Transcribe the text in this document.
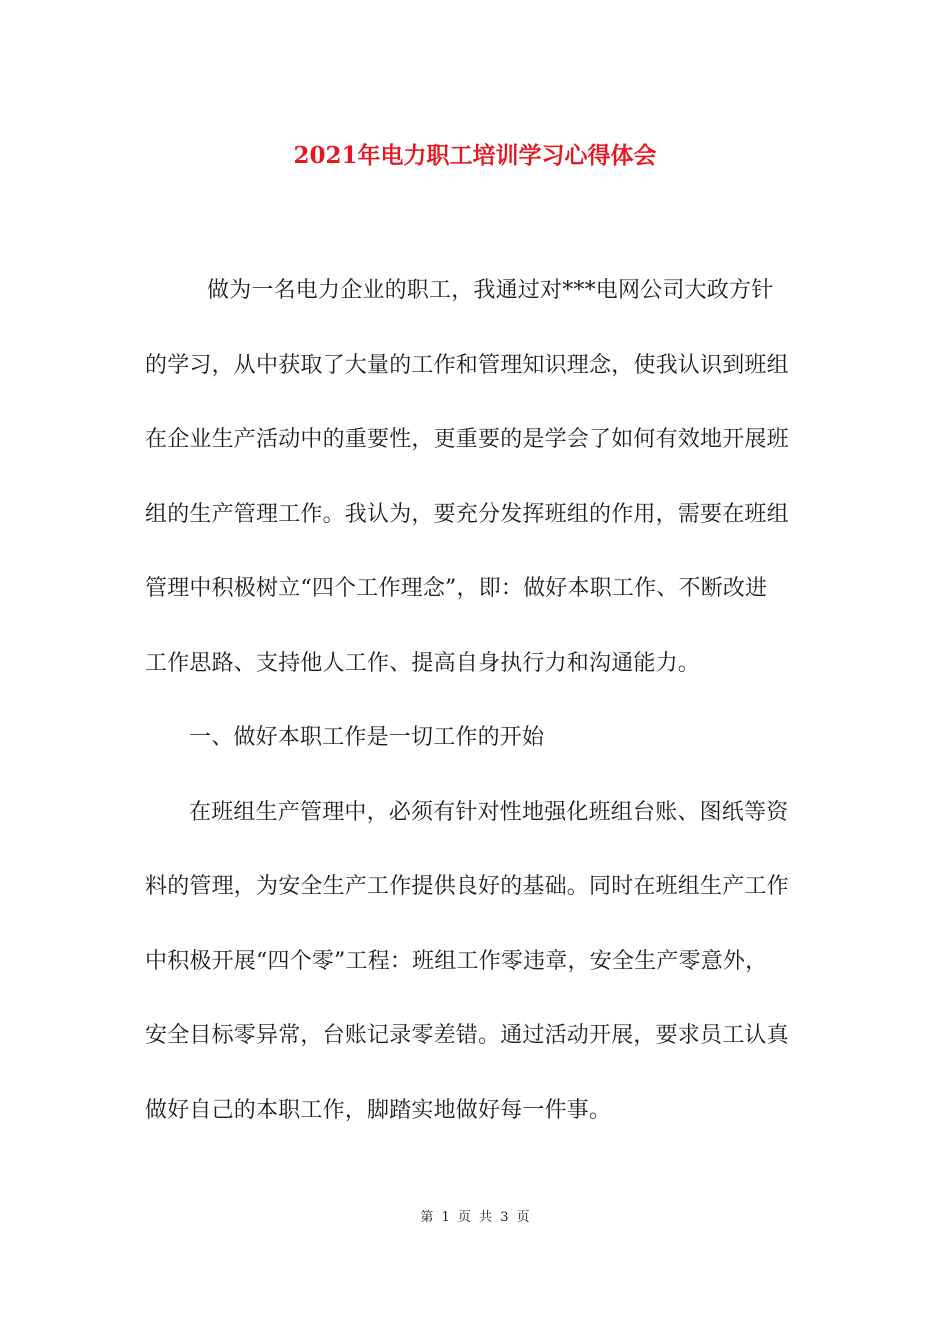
2021年电力职工培训学习心得体会
做为一名电力企业的职工，我通过对***电网公司大政方针
的学习，从中获取了大量的工作和管理知识理念，使我认识到班组
在企业生产活动中的重要性，更重要的是学会了如何有效地开展班
组的生产管理工作。我认为，要充分发挥班组的作用，需要在班组
管理中积极树立“四个工作理念”，即：做好本职工作、不断改进
工作思路、支持他人工作、提高自身执行力和沟通能力。
一、做好本职工作是一切工作的开始
在班组生产管理中，必须有针对性地强化班组台账、图纸等资
料的管理，为安全生产工作提供良好的基础。同时在班组生产工作
中积极开展“四个零”工程：班组工作零违章，安全生产零意外，
安全目标零异常，台账记录零差错。通过活动开展，要求员工认真
做好自己的本职工作，脚踏实地做好每一件事。
第 1 页 共 3 页
